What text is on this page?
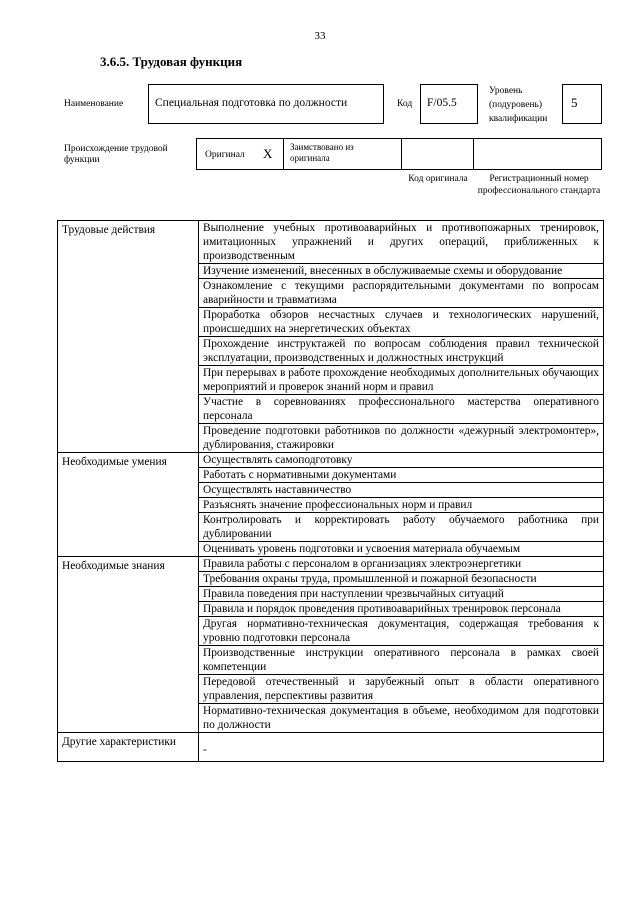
33
3.6.5. Трудовая функция
Наименование	Специальная подготовка по должности	Код	F/05.5
Уровень (подуровень) квалификации
5
Происхождение трудовой функции	Оригинал X Заимствовано из оригинала
Код оригинала	Регистрационный номер профессионального стандарта
Трудовые действия	Выполнение учебных противоаварийных и противопожарных тренировок, имитационных упражнений и других операций, приближенных к производственным
	Изучение изменений, внесенных в обслуживаемые схемы и оборудование
	Ознакомление с текущими распорядительными документами по вопросам аварийности и травматизма
	Проработка обзоров несчастных случаев и технологических нарушений, происшедших на энергетических объектах
	Прохождение инструктажей по вопросам соблюдения правил технической эксплуатации, производственных и должностных инструкций
	При перерывах в работе прохождение необходимых дополнительных обучающих мероприятий и проверок знаний норм и правил
	Участие в соревнованиях профессионального мастерства оперативного персонала
	Проведение подготовки работников по должности «дежурный электромонтер», дублирования, стажировки
Необходимые умения	Осуществлять самоподготовку
	Работать с нормативными документами
	Осуществлять наставничество
	Разъяснять значение профессиональных норм и правил
	Контролировать и корректировать работу обучаемого работника при дублировании
	Оценивать уровень подготовки и усвоения материала обучаемым
Необходимые знания	Правила работы с персоналом в организациях электроэнергетики
	Требования охраны труда, промышленной и пожарной безопасности
	Правила поведения при наступлении чрезвычайных ситуаций
	Правила и порядок проведения противоаварийных тренировок персонала
	Другая нормативно-техническая документация, содержащая требования к уровню подготовки персонала
	Производственные инструкции оперативного персонала в рамках своей компетенции
	Передовой отечественный и зарубежный опыт в области оперативного управления, перспективы развития
	Нормативно-техническая документация в объеме, необходимом для подготовки по должности
Другие характеристики	-
